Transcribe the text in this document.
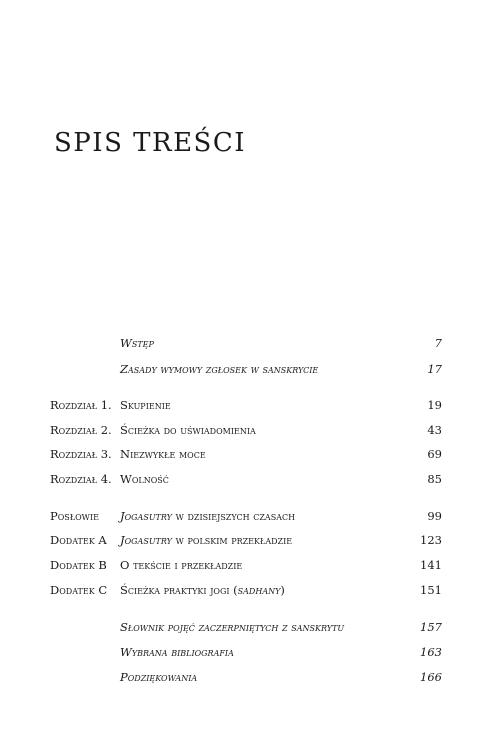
SPIS TREŚCI
Wstęp	7
Zasady wymowy zgłosek w sanskrycie	17
Rozdział 1. Skupienie	19
Rozdział 2. Ścieżka do uświadomienia	43
Rozdział 3. Niezwykłe moce	69
Rozdział 4. Wolność	85
Posłowie Jogasutry w dzisiejszych czasach	99
Dodatek A Jogasutry w polskim przekładzie	123
Dodatek B O tekście i przekładzie	141
Dodatek C Ścieżka praktyki jogi (sadhany)	151
Słownik pojęć zaczerpniętych z sanskrytu	157
Wybrana bibliografia	163
Podziękowania	166
